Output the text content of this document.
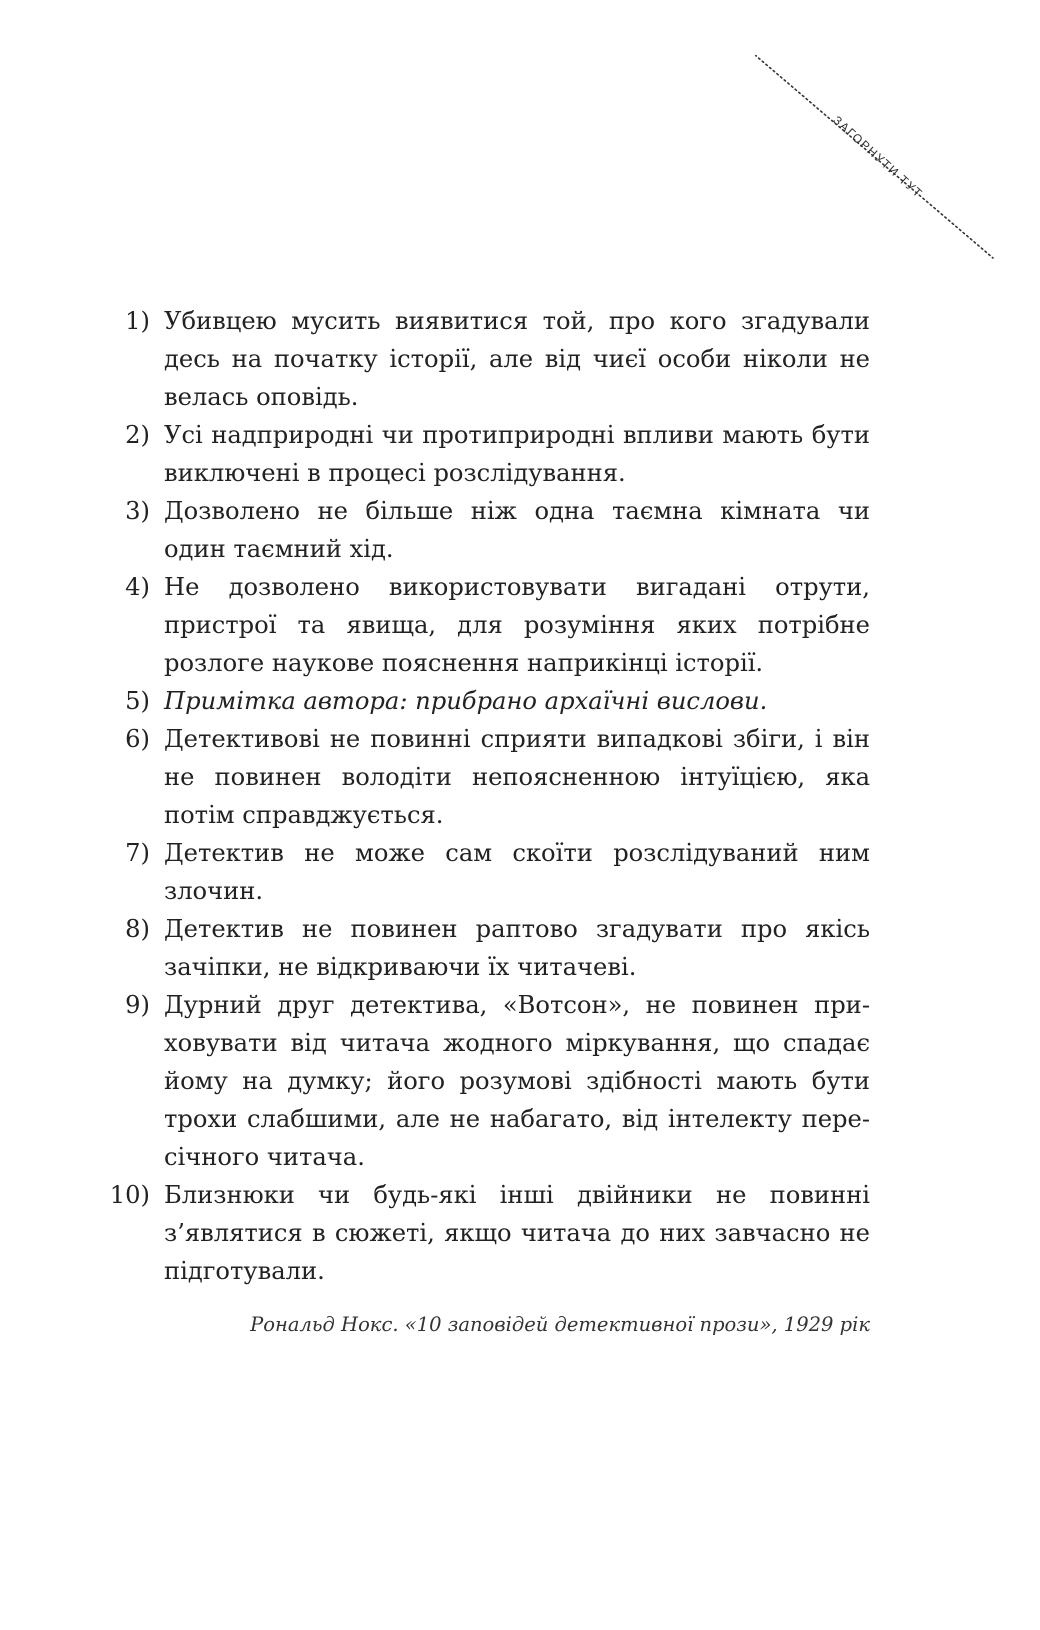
ЗАГОРНУТИ ТУТ
1) Убивцею мусить виявитися той, про кого згадували десь на початку історії, але від чиєї особи ніколи не велась оповідь.
2) Усі надприродні чи протиприродні впливи мають бути виключені в процесі розслідування.
3) Дозволено не більше ніж одна таємна кімната чи один таємний хід.
4) Не дозволено використовувати вигадані отрути, пристрої та явища, для розуміння яких потрібне розлоге наукове пояснення наприкінці історії.
5) Примітка автора: прибрано архаїчні вислови.
6) Детективові не повинні сприяти випадкові збіги, і він не повинен володіти непоясненною інтуїцією, яка потім справджується.
7) Детектив не може сам скоїти розслідуваний ним злочин.
8) Детектив не повинен раптово згадувати про якісь зачіпки, не відкриваючи їх читачеві.
9) Дурний друг детектива, «Вотсон», не повинен приховувати від читача жодного міркування, що спадає йому на думку; його розумові здібності мають бути трохи слабшими, але не набагато, від інтелекту пересічного читача.
10) Близнюки чи будь-які інші двійники не повинні з’являтися в сюжеті, якщо читача до них завчасно не підготували.
Рональд Нокс. «10 заповідей детективної прози», 1929 рік
